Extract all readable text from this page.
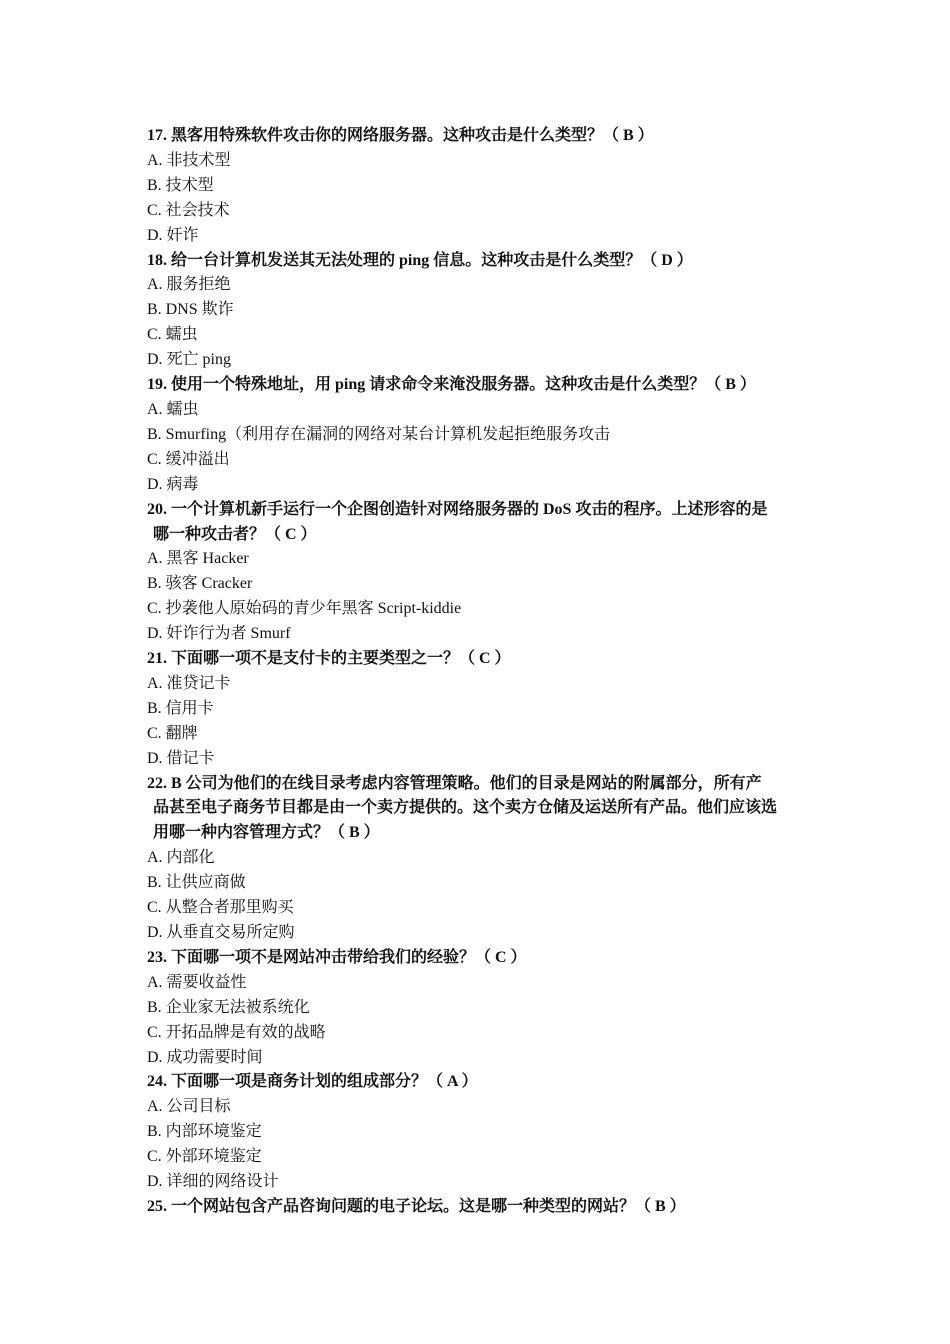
17. 黑客用特殊软件攻击你的网络服务器。这种攻击是什么类型？（ B ）
A. 非技术型
B. 技术型
C. 社会技术
D. 奸诈
18. 给一台计算机发送其无法处理的 ping 信息。这种攻击是什么类型？（ D ）
A. 服务拒绝
B. DNS 欺诈
C. 蠕虫
D. 死亡 ping
19. 使用一个特殊地址，用 ping 请求命令来淹没服务器。这种攻击是什么类型？（ B ）
A. 蠕虫
B. Smurfing（利用存在漏洞的网络对某台计算机发起拒绝服务攻击
C. 缓冲溢出
D. 病毒
20. 一个计算机新手运行一个企图创造针对网络服务器的 DoS 攻击的程序。上述形容的是
哪一种攻击者？（ C ）
A. 黑客 Hacker
B. 骇客 Cracker
C. 抄袭他人原始码的青少年黑客 Script-kiddie
D. 奸诈行为者 Smurf
21. 下面哪一项不是支付卡的主要类型之一？（ C ）
A. 准贷记卡
B. 信用卡
C. 翻牌
D. 借记卡
22. B 公司为他们的在线目录考虑内容管理策略。他们的目录是网站的附属部分，所有产
品甚至电子商务节目都是由一个卖方提供的。这个卖方仓储及运送所有产品。他们应该选
用哪一种内容管理方式？（ B ）
A. 内部化
B. 让供应商做
C. 从整合者那里购买
D. 从垂直交易所定购
23. 下面哪一项不是网站冲击带给我们的经验？（ C ）
A. 需要收益性
B. 企业家无法被系统化
C. 开拓品牌是有效的战略
D. 成功需要时间
24. 下面哪一项是商务计划的组成部分？（ A ）
A. 公司目标
B. 内部环境鉴定
C. 外部环境鉴定
D. 详细的网络设计
25. 一个网站包含产品咨询问题的电子论坛。这是哪一种类型的网站？（ B ）
